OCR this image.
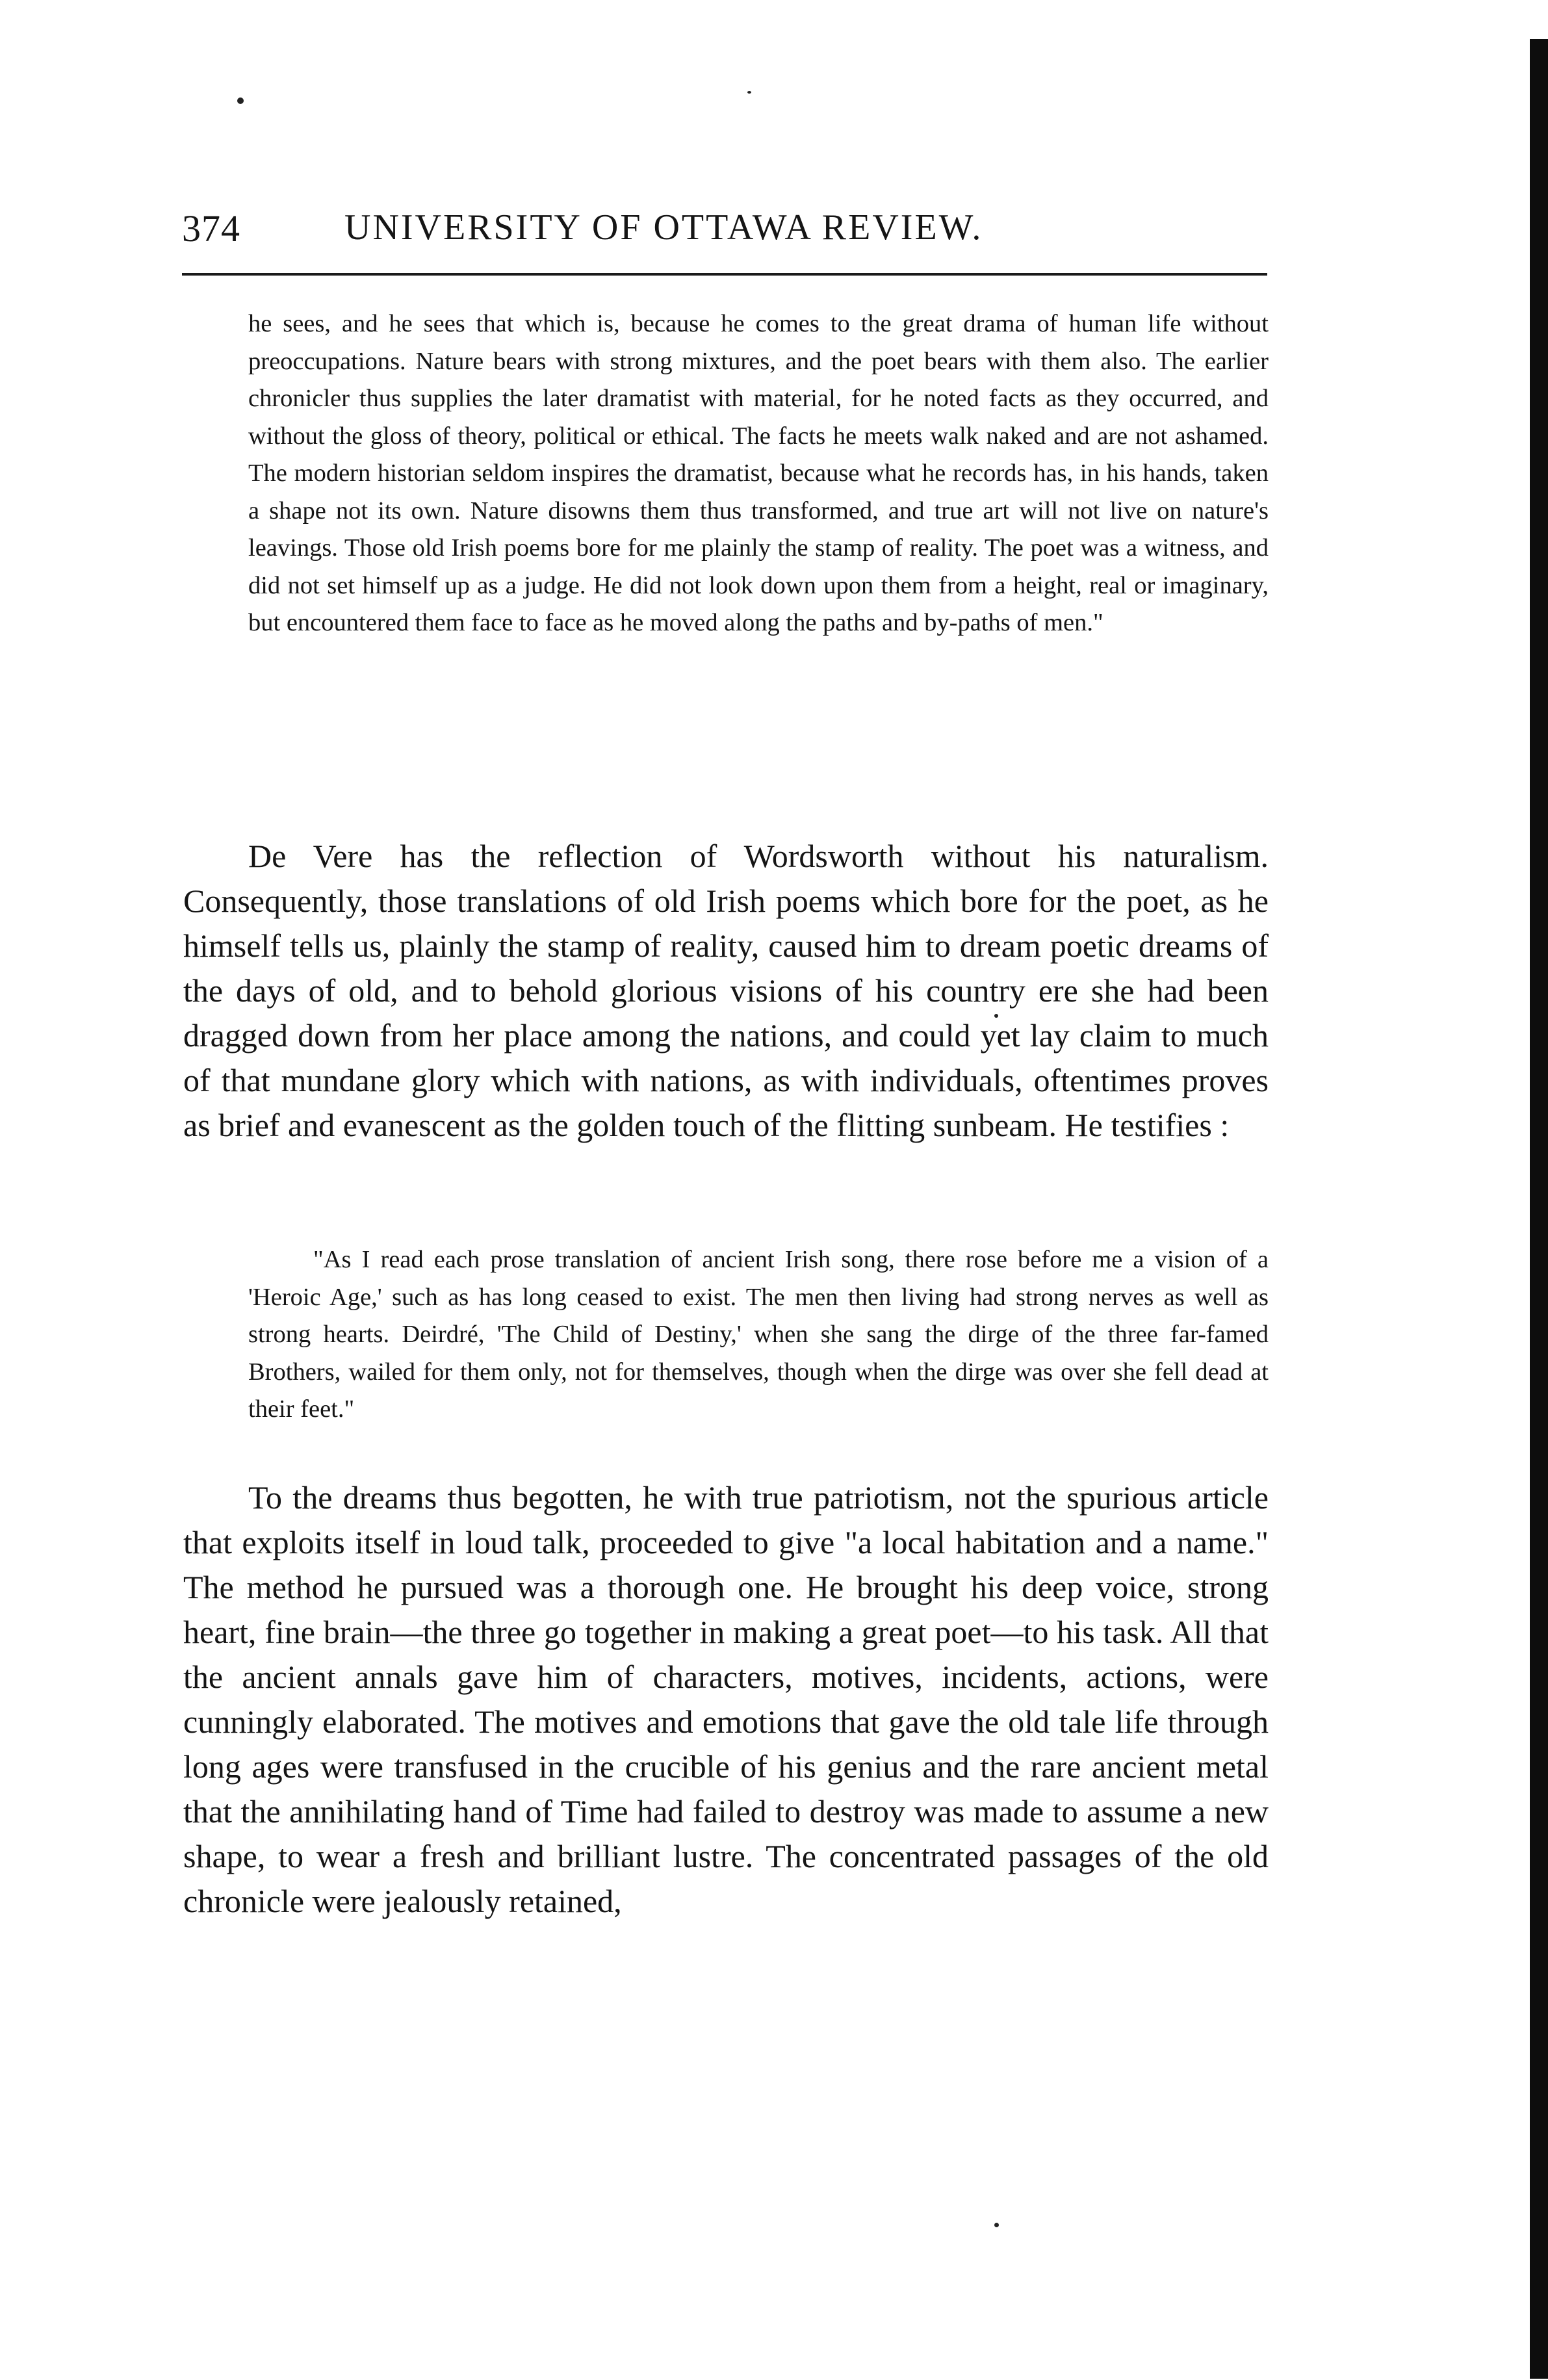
374	UNIVERSITY OF OTTAWA REVIEW.

he sees, and he sees that which is, because he comes to the great drama of human life without preoccupations. Nature bears with strong mixtures, and the poet bears with them also. The earlier chronicler thus supplies the later dramatist with material, for he noted facts as they occurred, and without the gloss of theory, political or ethical. The facts he meets walk naked and are not ashamed. The modern historian seldom inspires the dramatist, because what he records has, in his hands, taken a shape not its own. Nature disowns them thus transformed, and true art will not live on nature's leavings. Those old Irish poems bore for me plainly the stamp of reality. The poet was a witness, and did not set himself up as a judge. He did not look down upon them from a height, real or imaginary, but encountered them face to face as he moved along the paths and by-paths of men."

De Vere has the reflection of Wordsworth without his naturalism. Consequently, those translations of old Irish poems which bore for the poet, as he himself tells us, plainly the stamp of reality, caused him to dream poetic dreams of the days of old, and to behold glorious visions of his country ere she had been dragged down from her place among the nations, and could yet lay claim to much of that mundane glory which with nations, as with individuals, oftentimes proves as brief and evanescent as the golden touch of the flitting sunbeam. He testifies :

"As I read each prose translation of ancient Irish song, there rose before me a vision of a 'Heroic Age,' such as has long ceased to exist. The men then living had strong nerves as well as strong hearts. Deirdré, 'The Child of Destiny,' when she sang the dirge of the three far-famed Brothers, wailed for them only, not for themselves, though when the dirge was over she fell dead at their feet."

To the dreams thus begotten, he with true patriotism, not the spurious article that exploits itself in loud talk, proceeded to give "a local habitation and a name." The method he pursued was a thorough one. He brought his deep voice, strong heart, fine brain—the three go together in making a great poet—to his task. All that the ancient annals gave him of characters, motives, incidents, actions, were cunningly elaborated. The motives and emotions that gave the old tale life through long ages were transfused in the crucible of his genius and the rare ancient metal that the annihilating hand of Time had failed to destroy was made to assume a new shape, to wear a fresh and brilliant lustre. The concentrated passages of the old chronicle were jealously retained,
